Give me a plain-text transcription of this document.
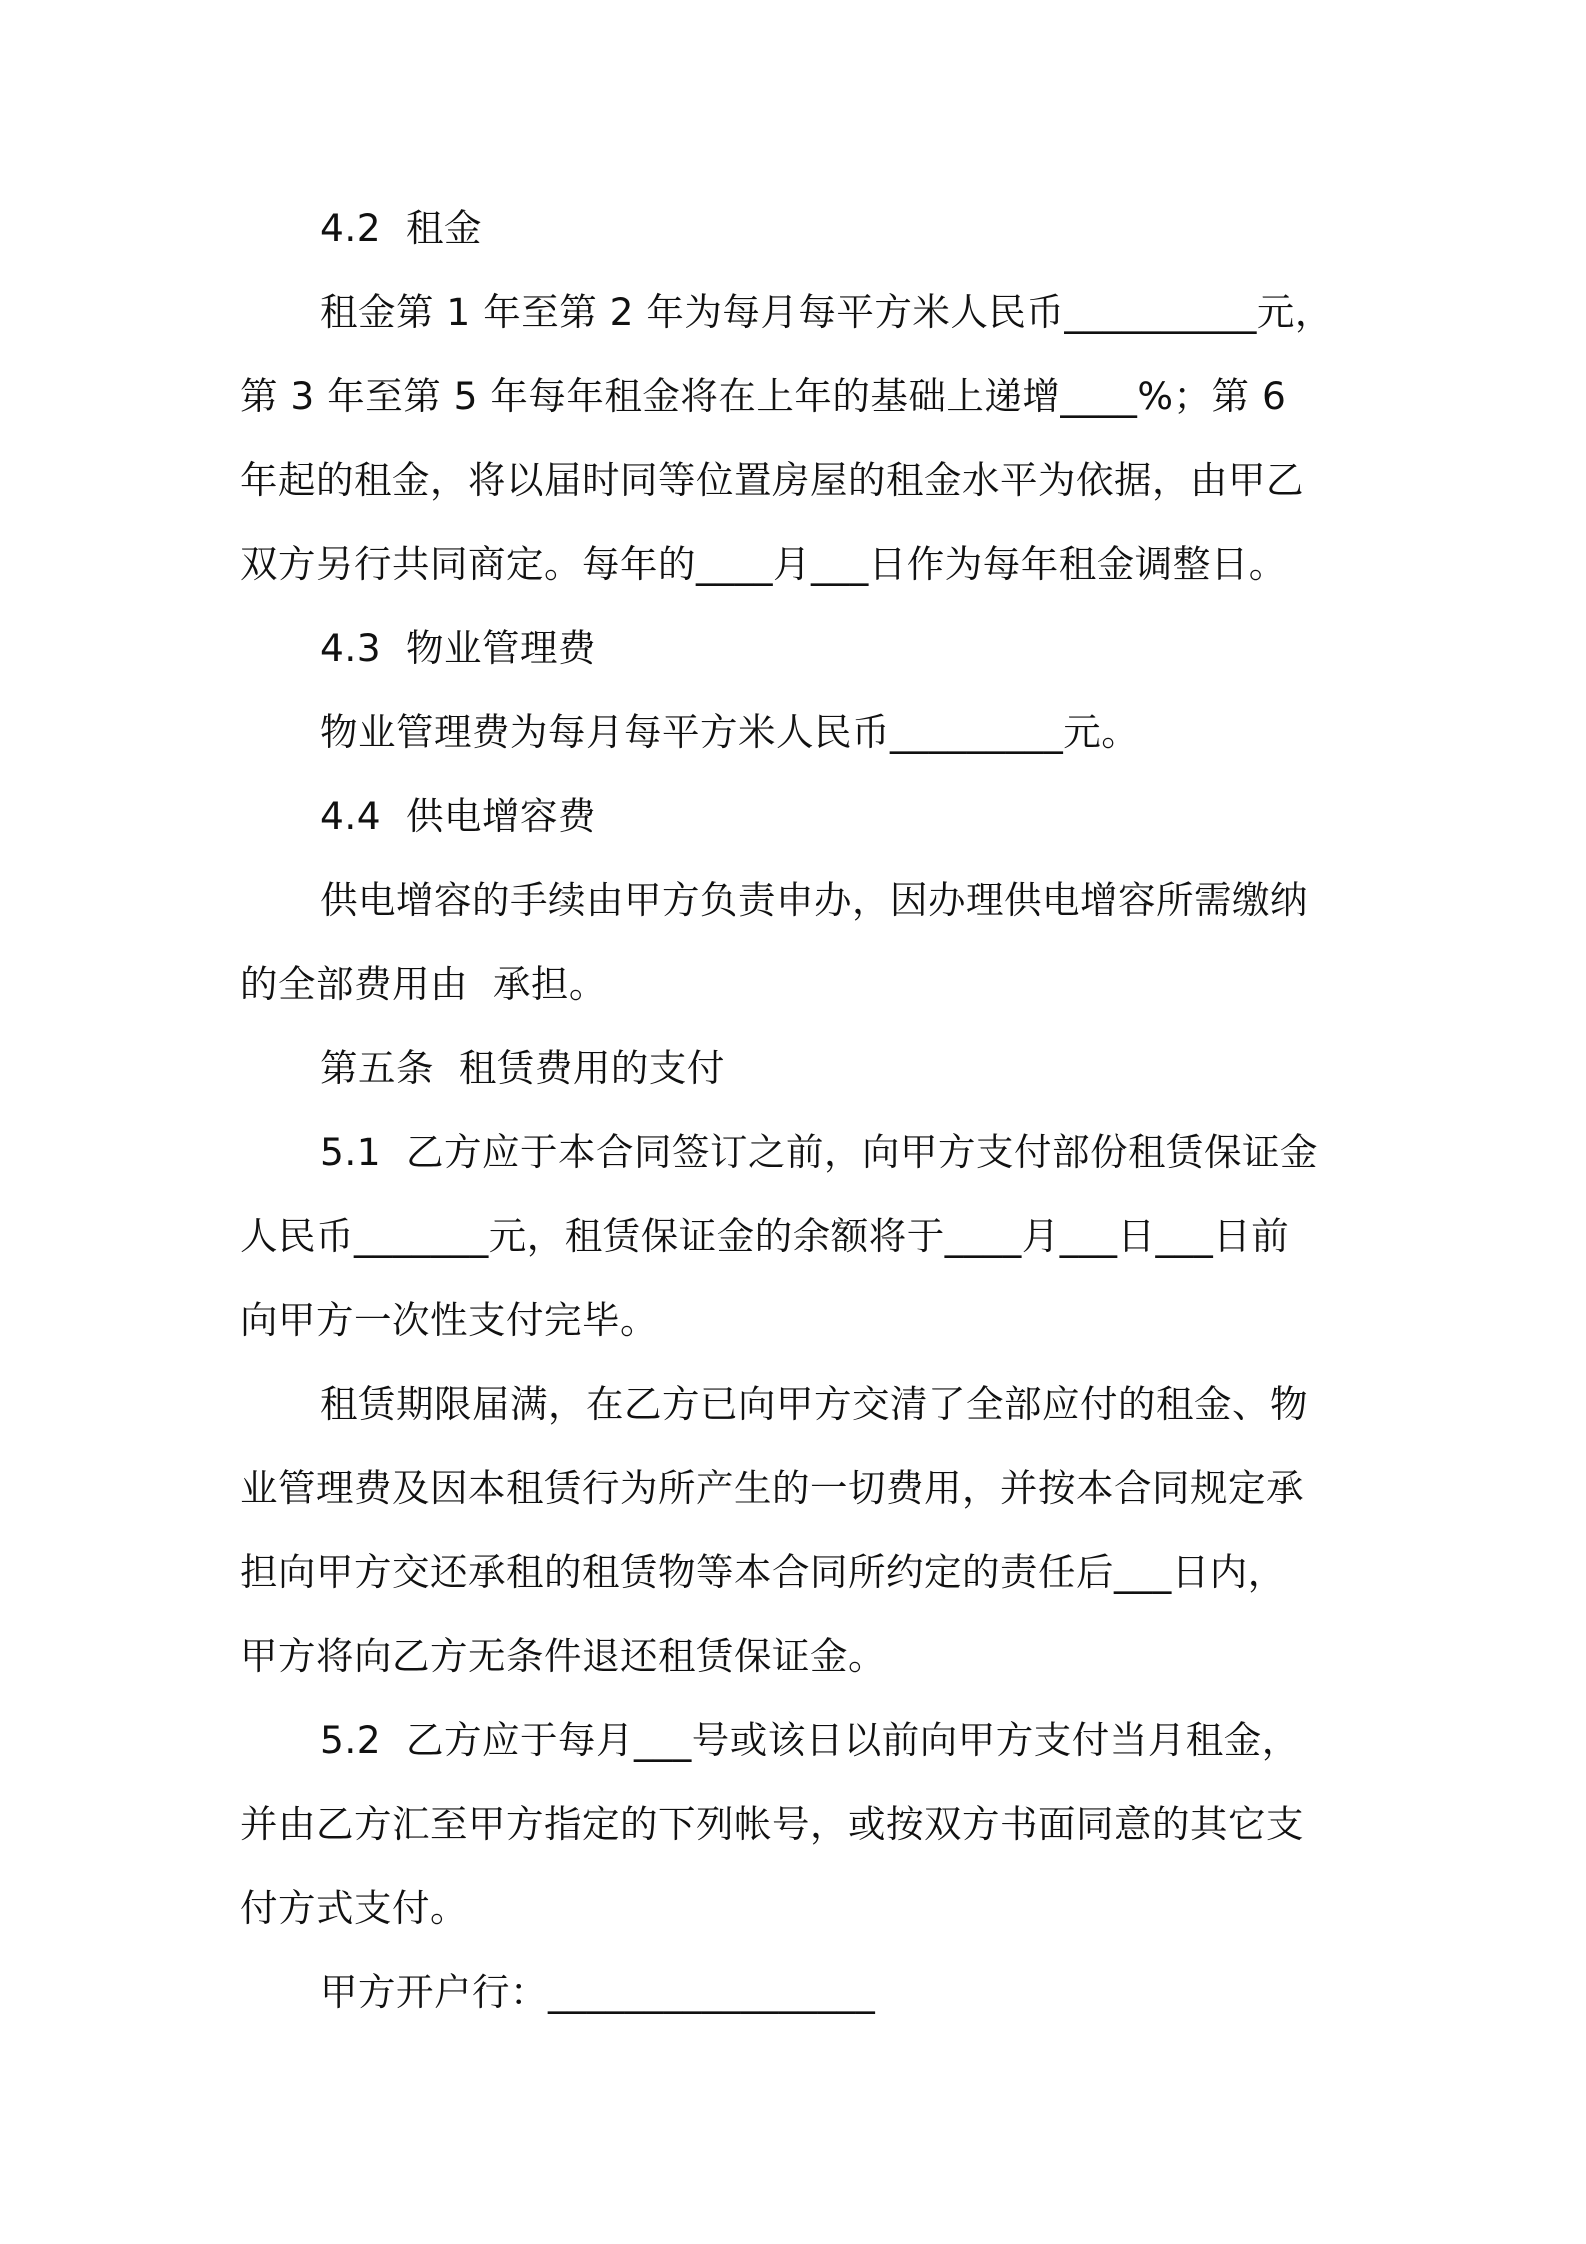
4.2  租金
租金第 1 年至第 2 年为每月每平方米人民币__________元，
第 3 年至第 5 年每年租金将在上年的基础上递增____%；第 6
年起的租金，将以届时同等位置房屋的租金水平为依据，由甲乙
双方另行共同商定。每年的____月___日作为每年租金调整日。
4.3  物业管理费
物业管理费为每月每平方米人民币_________元。
4.4  供电增容费
供电增容的手续由甲方负责申办，因办理供电增容所需缴纳
的全部费用由  承担。
第五条  租赁费用的支付
5.1  乙方应于本合同签订之前，向甲方支付部份租赁保证金
人民币_______元，租赁保证金的余额将于____月___日___日前
向甲方一次性支付完毕。
租赁期限届满，在乙方已向甲方交清了全部应付的租金、物
业管理费及因本租赁行为所产生的一切费用，并按本合同规定承
担向甲方交还承租的租赁物等本合同所约定的责任后___日内，
甲方将向乙方无条件退还租赁保证金。
5.2  乙方应于每月___号或该日以前向甲方支付当月租金，
并由乙方汇至甲方指定的下列帐号，或按双方书面同意的其它支
付方式支付。
甲方开户行：_________________
